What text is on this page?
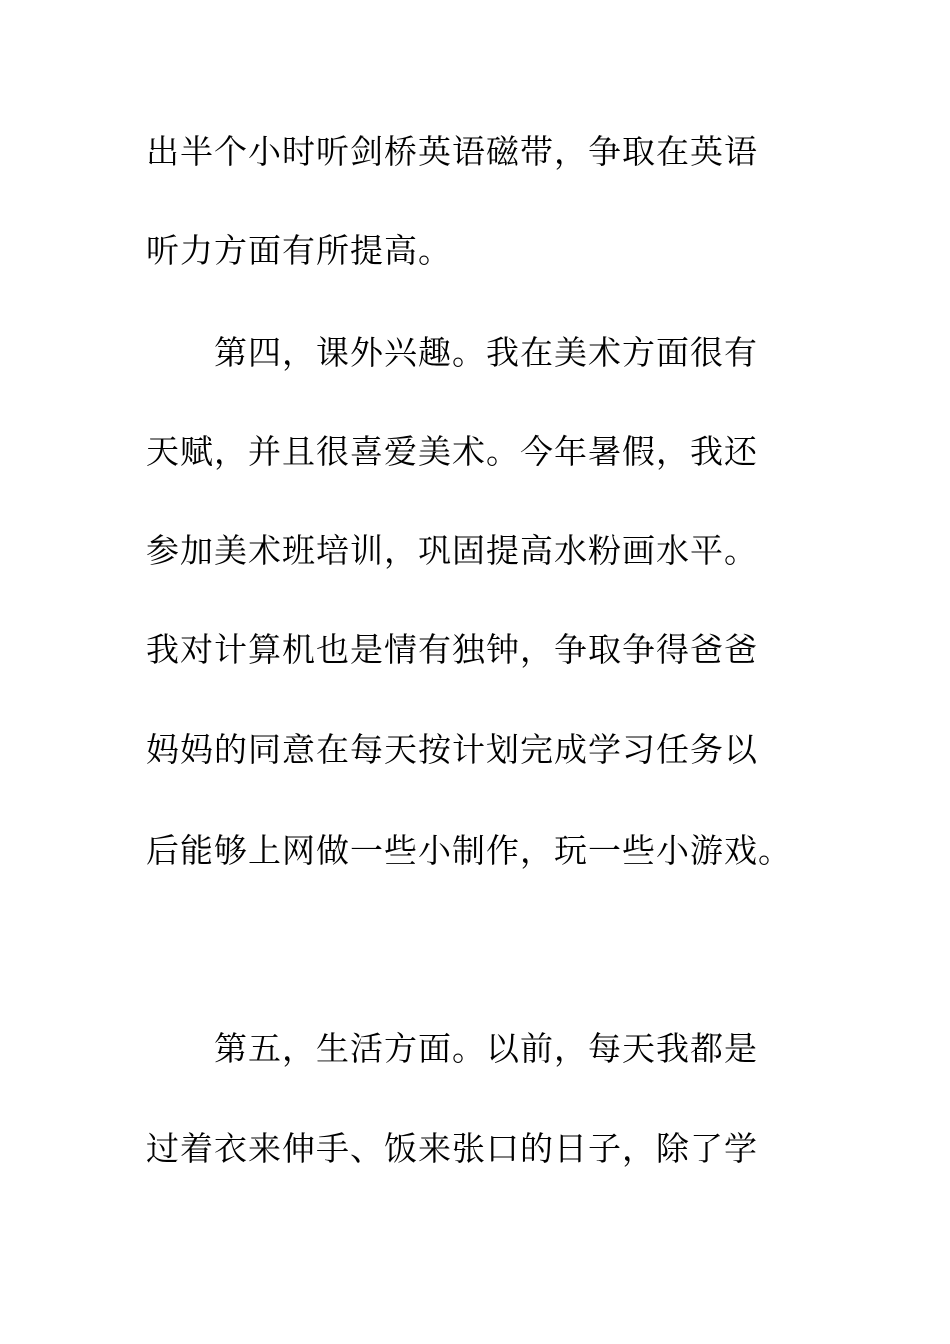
出半个小时听剑桥英语磁带，争取在英语
听力方面有所提高。
第四，课外兴趣。我在美术方面很有
天赋，并且很喜爱美术。今年暑假，我还
参加美术班培训，巩固提高水粉画水平。
我对计算机也是情有独钟，争取争得爸爸
妈妈的同意在每天按计划完成学习任务以
后能够上网做一些小制作，玩一些小游戏。
第五，生活方面。以前，每天我都是
过着衣来伸手、饭来张口的日子，除了学
